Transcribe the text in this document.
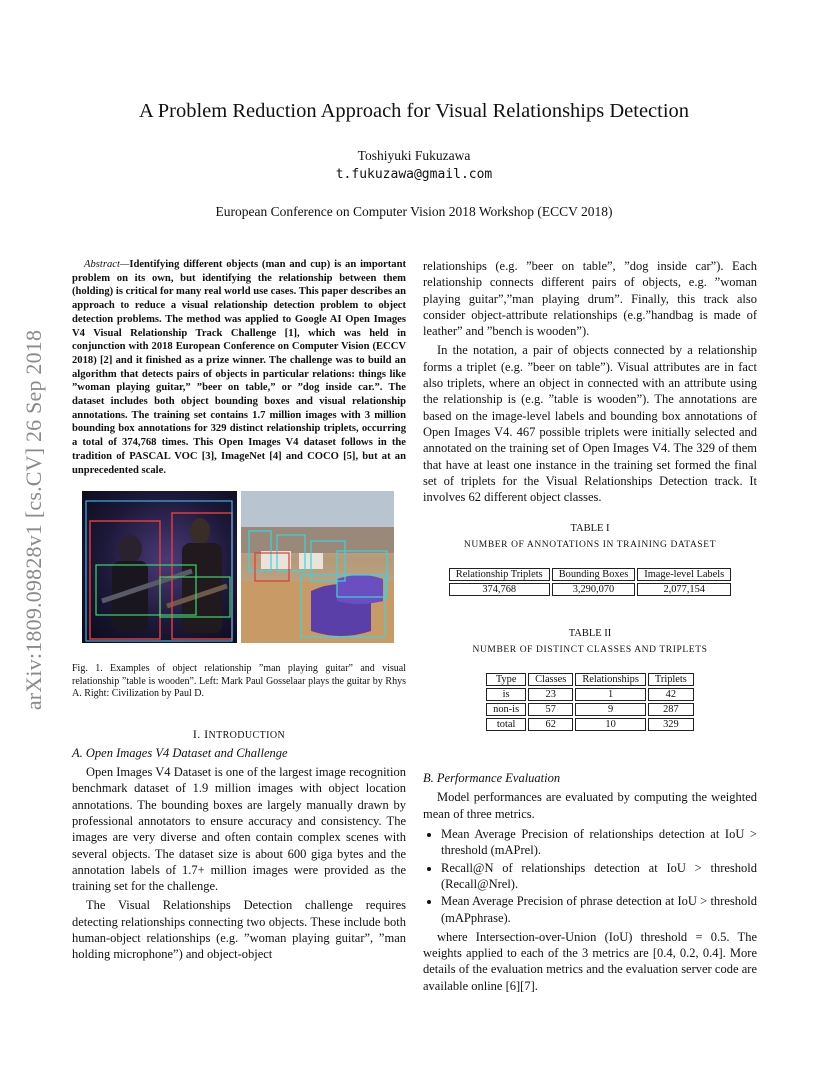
arXiv:1809.09828v1 [cs.CV] 26 Sep 2018
A Problem Reduction Approach for Visual Relationships Detection
Toshiyuki Fukuzawa
t.fukuzawa@gmail.com
European Conference on Computer Vision 2018 Workshop (ECCV 2018)

Abstract—Identifying different objects (man and cup) is an important problem on its own, but identifying the relationship between them (holding) is critical for many real world use cases. This paper describes an approach to reduce a visual relationship detection problem to object detection problems. The method was applied to Google AI Open Images V4 Visual Relationship Track Challenge [1], which was held in conjunction with 2018 European Conference on Computer Vision (ECCV 2018) [2] and it finished as a prize winner. The challenge was to build an algorithm that detects pairs of objects in particular relations: things like ”woman playing guitar,” ”beer on table,” or ”dog inside car.”. The dataset includes both object bounding boxes and visual relationship annotations. The training set contains 1.7 million images with 3 million bounding box annotations for 329 distinct relationship triplets, occurring a total of 374,768 times. This Open Images V4 dataset follows in the tradition of PASCAL VOC [3], ImageNet [4] and COCO [5], but at an unprecedented scale.

Fig. 1. Examples of object relationship ”man playing guitar” and visual relationship ”table is wooden”. Left: Mark Paul Gosselaar plays the guitar by Rhys A. Right: Civilization by Paul D.
I. INTRODUCTION
A. Open Images V4 Dataset and Challenge

Open Images V4 Dataset is one of the largest image recognition benchmark dataset of 1.9 million images with object location annotations. The bounding boxes are largely manually drawn by professional annotators to ensure accuracy and consistency. The images are very diverse and often contain complex scenes with several objects. The dataset size is about 600 giga bytes and the annotation labels of 1.7+ million images were provided as the training set for the challenge.

The Visual Relationships Detection challenge requires detecting relationships connecting two objects. These include both human-object relationships (e.g. ”woman playing guitar”, ”man holding microphone”) and object-object

relationships (e.g. ”beer on table”, ”dog inside car”). Each relationship connects different pairs of objects, e.g. ”woman playing guitar”,”man playing drum”. Finally, this track also consider object-attribute relationships (e.g.”handbag is made of leather” and ”bench is wooden”).

In the notation, a pair of objects connected by a relationship forms a triplet (e.g. ”beer on table”). Visual attributes are in fact also triplets, where an object in connected with an attribute using the relationship is (e.g. ”table is wooden”). The annotations are based on the image-level labels and bounding box annotations of Open Images V4. 467 possible triplets were initially selected and annotated on the training set of Open Images V4. The 329 of them that have at least one instance in the training set formed the final set of triplets for the Visual Relationships Detection track. It involves 62 different object classes.

TABLE I
NUMBER OF ANNOTATIONS IN TRAINING DATASET
Relationship Triplets	Bounding Boxes	Image-level Labels
374,768	3,290,070	2,077,154
TABLE II
NUMBER OF DISTINCT CLASSES AND TRIPLETS
Type	Classes	Relationships	Triplets
is	23	1	42
non-is	57	9	287
total	62	10	329
B. Performance Evaluation

Model performances are evaluated by computing the weighted mean of three metrics.

• Mean Average Precision of relationships detection at IoU > threshold (mAPrel).
• Recall@N of relationships detection at IoU > threshold (Recall@Nrel).
• Mean Average Precision of phrase detection at IoU > threshold (mAPphrase).

where Intersection-over-Union (IoU) threshold = 0.5. The weights applied to each of the 3 metrics are [0.4, 0.2, 0.4]. More details of the evaluation metrics and the evaluation server code are available online [6][7].
